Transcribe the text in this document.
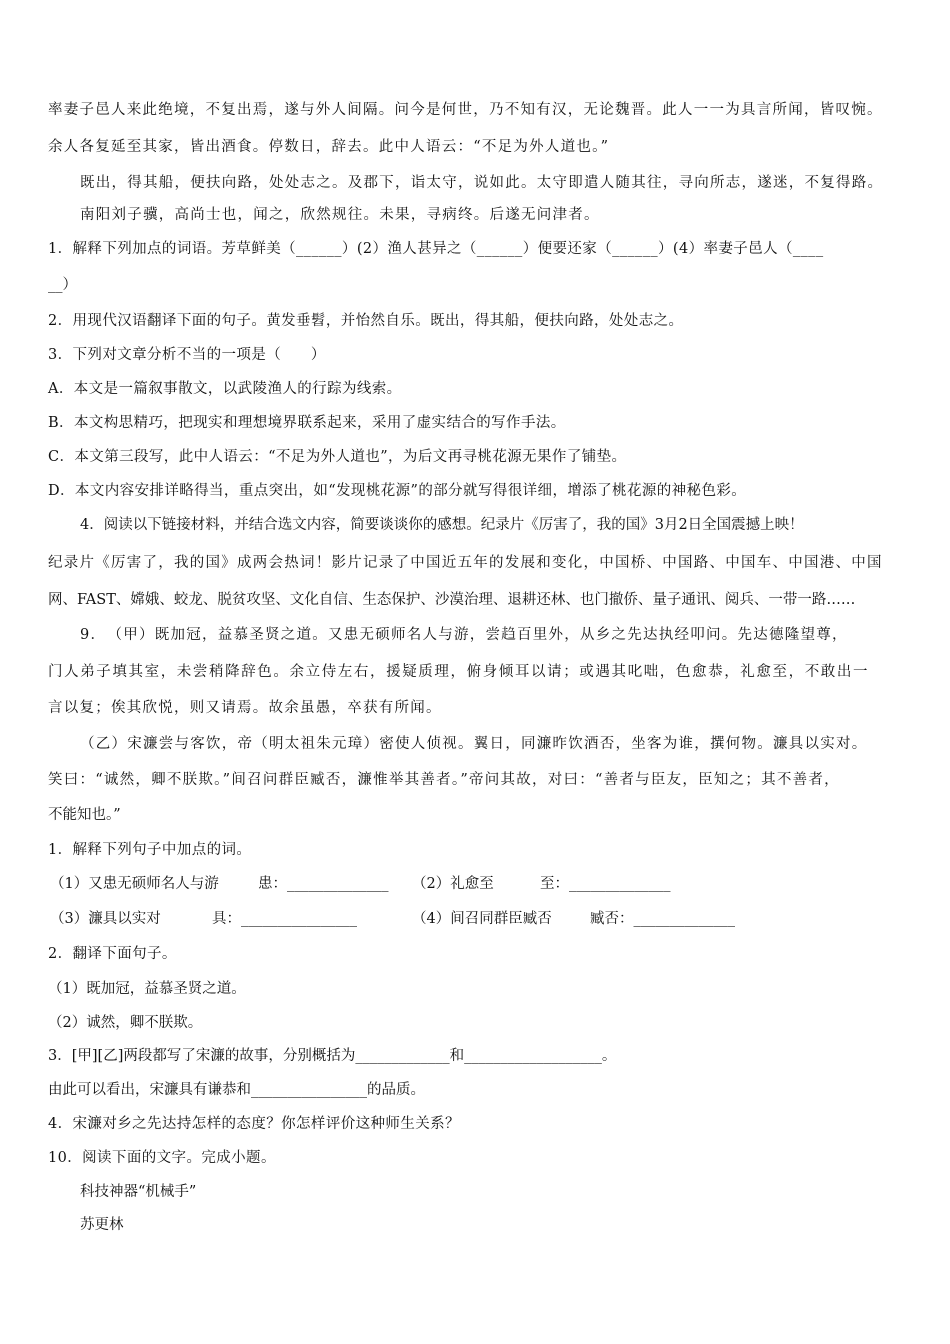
率妻子邑人来此绝境，不复出焉，遂与外人间隔。问今是何世，乃不知有汉，无论魏晋。此人一一为具言所闻，皆叹惋。
余人各复延至其家，皆出酒食。停数日，辞去。此中人语云：“不足为外人道也。”
既出，得其船，便扶向路，处处志之。及郡下，诣太守，说如此。太守即遣人随其往，寻向所志，遂迷，不复得路。
南阳刘子骥，高尚士也，闻之，欣然规往。未果，寻病终。后遂无问津者。
1．解释下列加点的词语。芳草鲜美（______）(2）渔人甚异之（______）便要还家（______）(4）率妻子邑人（____
__）
2．用现代汉语翻译下面的句子。黄发垂髫，并怡然自乐。既出，得其船，便扶向路，处处志之。
3．下列对文章分析不当的一项是（　　）
A．本文是一篇叙事散文，以武陵渔人的行踪为线索。
B．本文构思精巧，把现实和理想境界联系起来，采用了虚实结合的写作手法。
C．本文第三段写，此中人语云：“不足为外人道也”，为后文再寻桃花源无果作了铺垫。
D．本文内容安排详略得当，重点突出，如“发现桃花源”的部分就写得很详细，增添了桃花源的神秘色彩。
4．阅读以下链接材料，并结合选文内容，简要谈谈你的感想。纪录片《厉害了，我的国》3月2日全国震撼上映！
纪录片《厉害了，我的国》成两会热词！影片记录了中国近五年的发展和变化，中国桥、中国路、中国车、中国港、中国
网、FAST、嫦娥、蛟龙、脱贫攻坚、文化自信、生态保护、沙漠治理、退耕还林、也门撤侨、量子通讯、阅兵、一带一路……
9．　（甲）既加冠，益慕圣贤之道。又患无硕师名人与游，尝趋百里外，从乡之先达执经叩问。先达德隆望尊，
门人弟子填其室，未尝稍降辞色。余立侍左右，援疑质理，俯身倾耳以请；或遇其叱咄，色愈恭，礼愈至，不敢出一
言以复；俟其欣悦，则又请焉。故余虽愚，卒获有所闻。
（乙）宋濂尝与客饮，帝（明太祖朱元璋）密使人侦视。翼日，同濂昨饮酒否，坐客为谁，撰何物。濂具以实对。
笑曰：“诚然，卿不朕欺。”间召问群臣臧否，濂惟举其善者。”帝问其故，对曰：“善者与臣友，臣知之；其不善者，
不能知也。”
1．解释下列句子中加点的词。
（1）又患无硕师名人与游	患：______________ （2）礼愈至	至：______________
（3）濂具以实对	具：________________	（4）间召同群臣臧否	臧否：______________
2．翻译下面句子。
（1）既加冠，益慕圣贤之道。
（2）诚然，卿不朕欺。
3．[甲][乙]两段都写了宋濂的故事，分别概括为_____________和___________________。
由此可以看出，宋濂具有谦恭和________________的品质。
4．宋濂对乡之先达持怎样的态度？你怎样评价这种师生关系？
10．阅读下面的文字。完成小题。
科技神器“机械手”
苏更林
